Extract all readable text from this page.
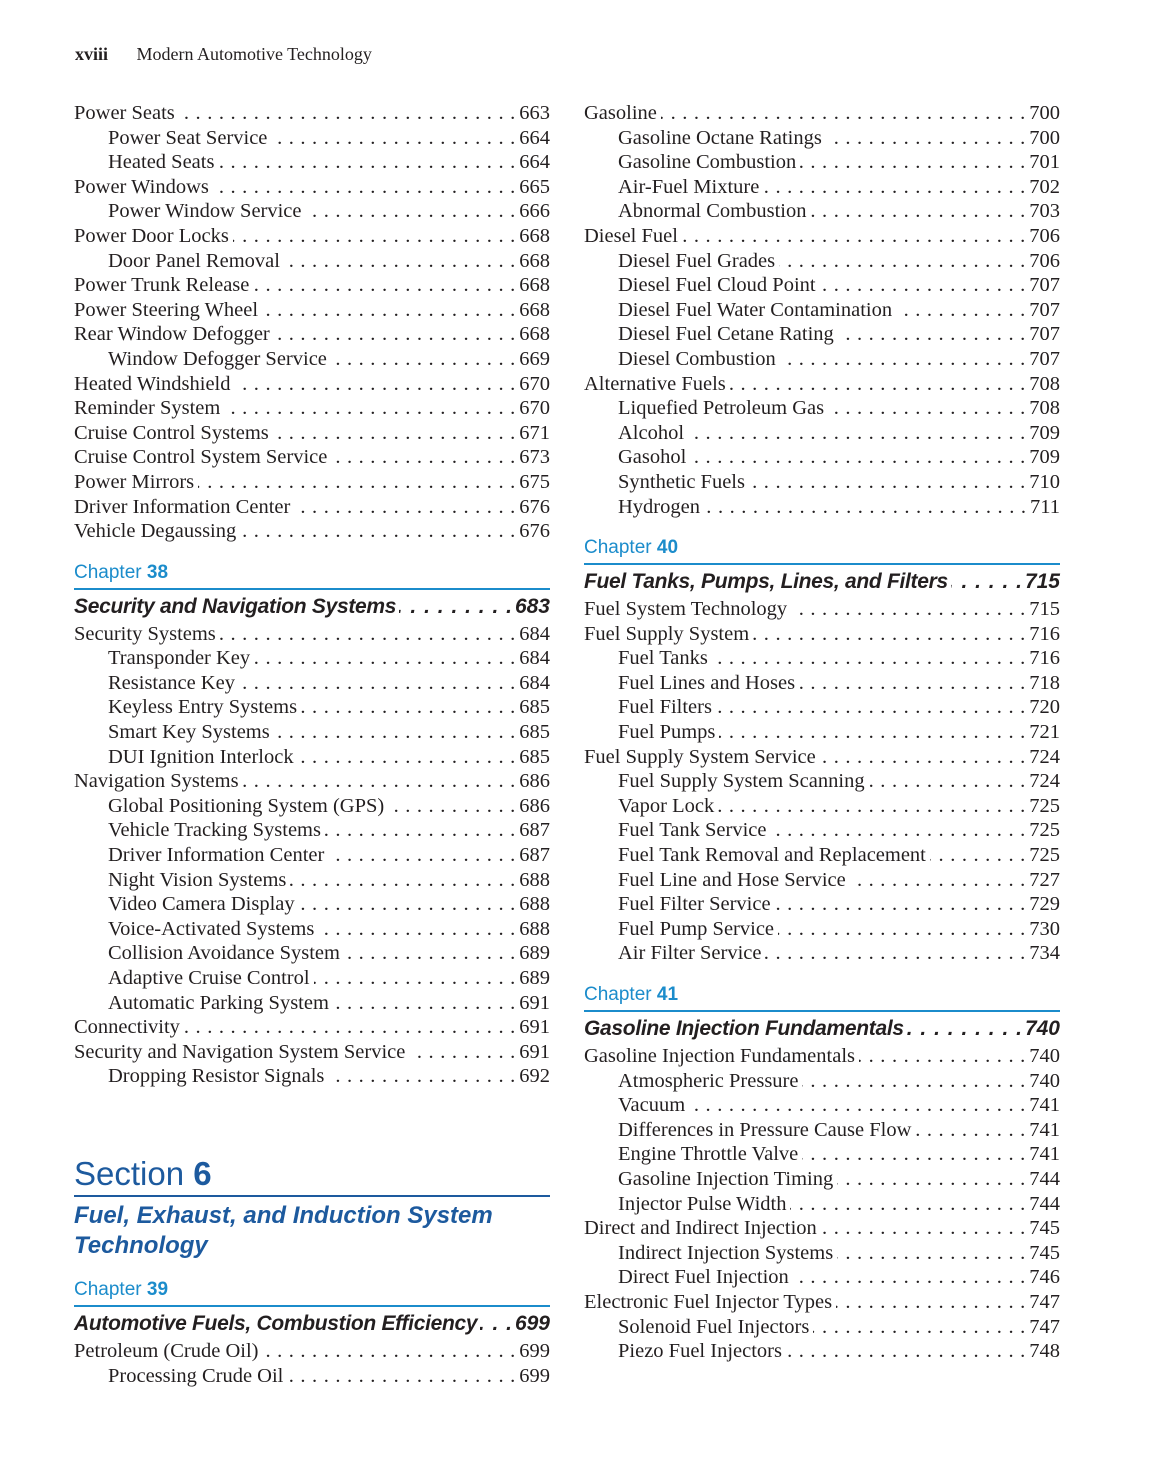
xviii Modern Automotive Technology
Power Seats . . .	663
Power Seat Service . . .	664
Heated Seats . . .	664
Power Windows . . .	665
Power Window Service . . .	666
Power Door Locks . . .	668
Door Panel Removal . . .	668
Power Trunk Release . . .	668
Power Steering Wheel . . .	668
Rear Window Defogger . . .	668
Window Defogger Service . . .	669
Heated Windshield . . .	670
Reminder System . . .	670
Cruise Control Systems . . .	671
Cruise Control System Service . . .	673
Power Mirrors . . .	675
Driver Information Center . . .	676
Vehicle Degaussing . . .	676
Chapter 38
Security and Navigation Systems . . .	683
Security Systems . . .	684
Transponder Key . . .	684
Resistance Key . . .	684
Keyless Entry Systems . . .	685
Smart Key Systems . . .	685
DUI Ignition Interlock . . .	685
Navigation Systems . . .	686
Global Positioning System (GPS) . . .	686
Vehicle Tracking Systems . . .	687
Driver Information Center . . .	687
Night Vision Systems . . .	688
Video Camera Display . . .	688
Voice-Activated Systems . . .	688
Collision Avoidance System . . .	689
Adaptive Cruise Control . . .	689
Automatic Parking System . . .	691
Connectivity . . .	691
Security and Navigation System Service . . .	691
Dropping Resistor Signals . . .	692
Section 6
Fuel, Exhaust, and Induction System Technology
Chapter 39
Automotive Fuels, Combustion Efficiency . . . 699
Petroleum (Crude Oil) . . .	699
Processing Crude Oil . . .	699
Gasoline . . .	700
Gasoline Octane Ratings . . .	700
Gasoline Combustion . . .	701
Air-Fuel Mixture . . .	702
Abnormal Combustion . . .	703
Diesel Fuel . . .	706
Diesel Fuel Grades . . .	706
Diesel Fuel Cloud Point . . .	707
Diesel Fuel Water Contamination . . .	707
Diesel Fuel Cetane Rating . . .	707
Diesel Combustion . . .	707
Alternative Fuels . . .	708
Liquefied Petroleum Gas . . .	708
Alcohol . . .	709
Gasohol . . .	709
Synthetic Fuels . . .	710
Hydrogen . . .	711
Chapter 40
Fuel Tanks, Pumps, Lines, and Filters . . .	715
Fuel System Technology . . .	715
Fuel Supply System . . .	716
Fuel Tanks . . .	716
Fuel Lines and Hoses . . .	718
Fuel Filters . . .	720
Fuel Pumps . . .	721
Fuel Supply System Service . . .	724
Fuel Supply System Scanning . . .	724
Vapor Lock . . .	725
Fuel Tank Service . . .	725
Fuel Tank Removal and Replacement . . .	725
Fuel Line and Hose Service . . .	727
Fuel Filter Service . . .	729
Fuel Pump Service . . .	730
Air Filter Service . . .	734
Chapter 41
Gasoline Injection Fundamentals . . .	740
Gasoline Injection Fundamentals . . .	740
Atmospheric Pressure . . .	740
Vacuum . . .	741
Differences in Pressure Cause Flow . . .	741
Engine Throttle Valve . . .	741
Gasoline Injection Timing . . .	744
Injector Pulse Width . . .	744
Direct and Indirect Injection . . .	745
Indirect Injection Systems . . .	745
Direct Fuel Injection . . .	746
Electronic Fuel Injector Types . . .	747
Solenoid Fuel Injectors . . .	747
Piezo Fuel Injectors . . .	748
